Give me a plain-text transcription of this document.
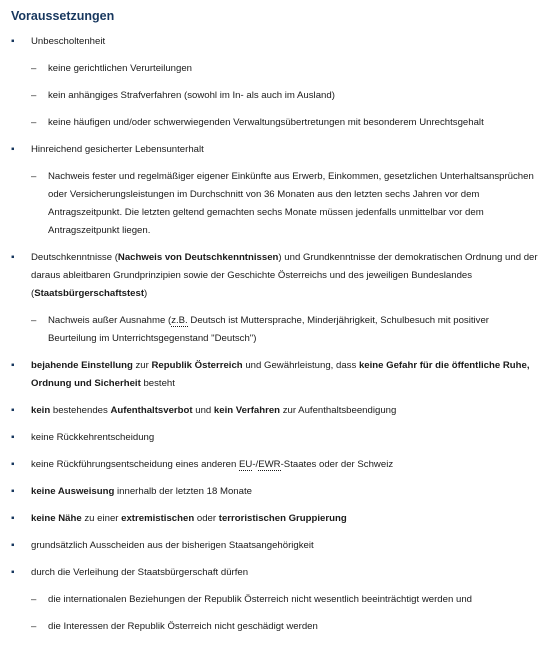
Voraussetzungen
▪ Unbescholtenheit
– keine gerichtlichen Verurteilungen
– kein anhängiges Strafverfahren (sowohl im In- als auch im Ausland)
– keine häufigen und/oder schwerwiegenden Verwaltungsübertretungen mit besonderem Unrechtsgehalt
▪ Hinreichend gesicherter Lebensunterhalt
– Nachweis fester und regelmäßiger eigener Einkünfte aus Erwerb, Einkommen, gesetzlichen Unterhaltsansprüchen oder Versicherungsleistungen im Durchschnitt von 36 Monaten aus den letzten sechs Jahren vor dem Antragszeitpunkt. Die letzten geltend gemachten sechs Monate müssen jedenfalls unmittelbar vor dem Antragszeitpunkt liegen.
▪ Deutschkenntnisse (Nachweis von Deutschkenntnissen) und Grundkenntnisse der demokratischen Ordnung und der daraus ableitbaren Grundprinzipien sowie der Geschichte Österreichs und des jeweiligen Bundeslandes (Staatsbürgerschaftstest)
– Nachweis außer Ausnahme (z.B. Deutsch ist Muttersprache, Minderjährigkeit, Schulbesuch mit positiver Beurteilung im Unterrichtsgegenstand "Deutsch")
▪ bejahende Einstellung zur Republik Österreich und Gewährleistung, dass keine Gefahr für die öffentliche Ruhe, Ordnung und Sicherheit besteht
▪ kein bestehendes Aufenthaltsverbot und kein Verfahren zur Aufenthaltsbeendigung
▪ keine Rückkehrentscheidung
▪ keine Rückführungsentscheidung eines anderen EU-/EWR-Staates oder der Schweiz
▪ keine Ausweisung innerhalb der letzten 18 Monate
▪ keine Nähe zu einer extremistischen oder terroristischen Gruppierung
▪ grundsätzlich Ausscheiden aus der bisherigen Staatsangehörigkeit
▪ durch die Verleihung der Staatsbürgerschaft dürfen
– die internationalen Beziehungen der Republik Österreich nicht wesentlich beeinträchtigt werden und
– die Interessen der Republik Österreich nicht geschädigt werden
